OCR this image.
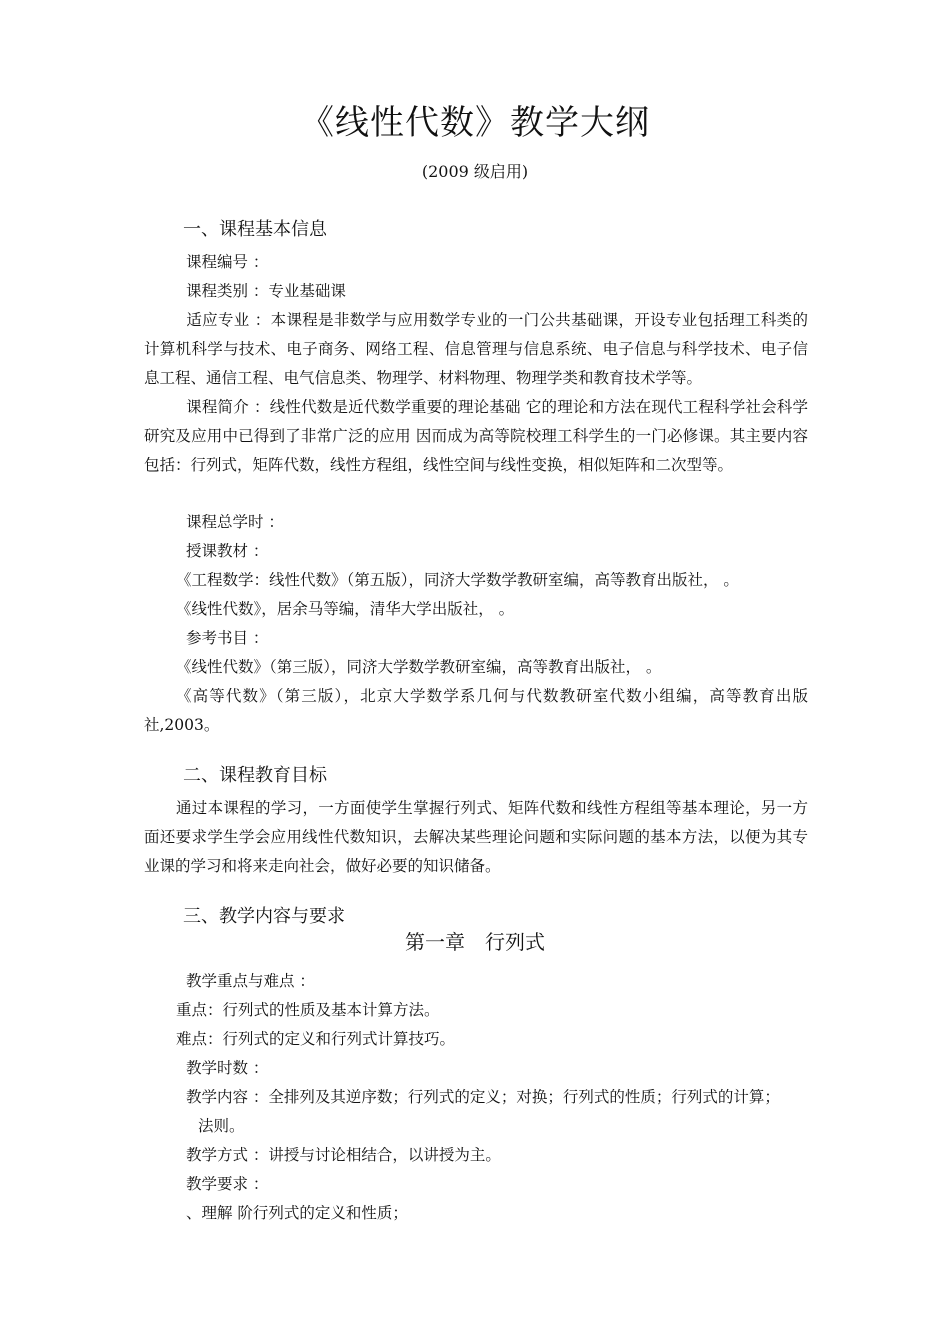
《线性代数》教学大纲
(2009 级启用)
一、课程基本信息
课程编号 ：
课程类别 ：专业基础课
适应专业 ：本课程是非数学与应用数学专业的一门公共基础课，开设专业包括理工科类的计算机科学与技术、电子商务、网络工程、信息管理与信息系统、电子信息与科学技术、电子信息工程、通信工程、电气信息类、物理学、材料物理、物理学类和教育技术学等。
课程简介 ：线性代数是近代数学重要的理论基础 它的理论和方法在现代工程科学社会科学研究及应用中已得到了非常广泛的应用 因而成为高等院校理工科学生的一门必修课。其主要内容包括：行列式，矩阵代数，线性方程组，线性空间与线性变换，相似矩阵和二次型等。
课程总学时 ：
授课教材 ：
《工程数学：线性代数》（第五版），同济大学数学教研室编，高等教育出版社， 。
《线性代数》，居余马等编，清华大学出版社， 。
参考书目 ：
《线性代数》（第三版），同济大学数学教研室编，高等教育出版社， 。
《高等代数》（第三版），北京大学数学系几何与代数教研室代数小组编，高等教育出版社,2003。
二、课程教育目标
通过本课程的学习，一方面使学生掌握行列式、矩阵代数和线性方程组等基本理论，另一方面还要求学生学会应用线性代数知识，去解决某些理论问题和实际问题的基本方法，以便为其专业课的学习和将来走向社会，做好必要的知识储备。
三、教学内容与要求
第一章 行列式
教学重点与难点 ：
重点：行列式的性质及基本计算方法。
难点：行列式的定义和行列式计算技巧。
教学时数 ：
教学内容 ：全排列及其逆序数；行列式的定义；对换；行列式的性质；行列式的计算；
法则。
教学方式 ：讲授与讨论相结合，以讲授为主。
教学要求 ：
、理解 阶行列式的定义和性质；
